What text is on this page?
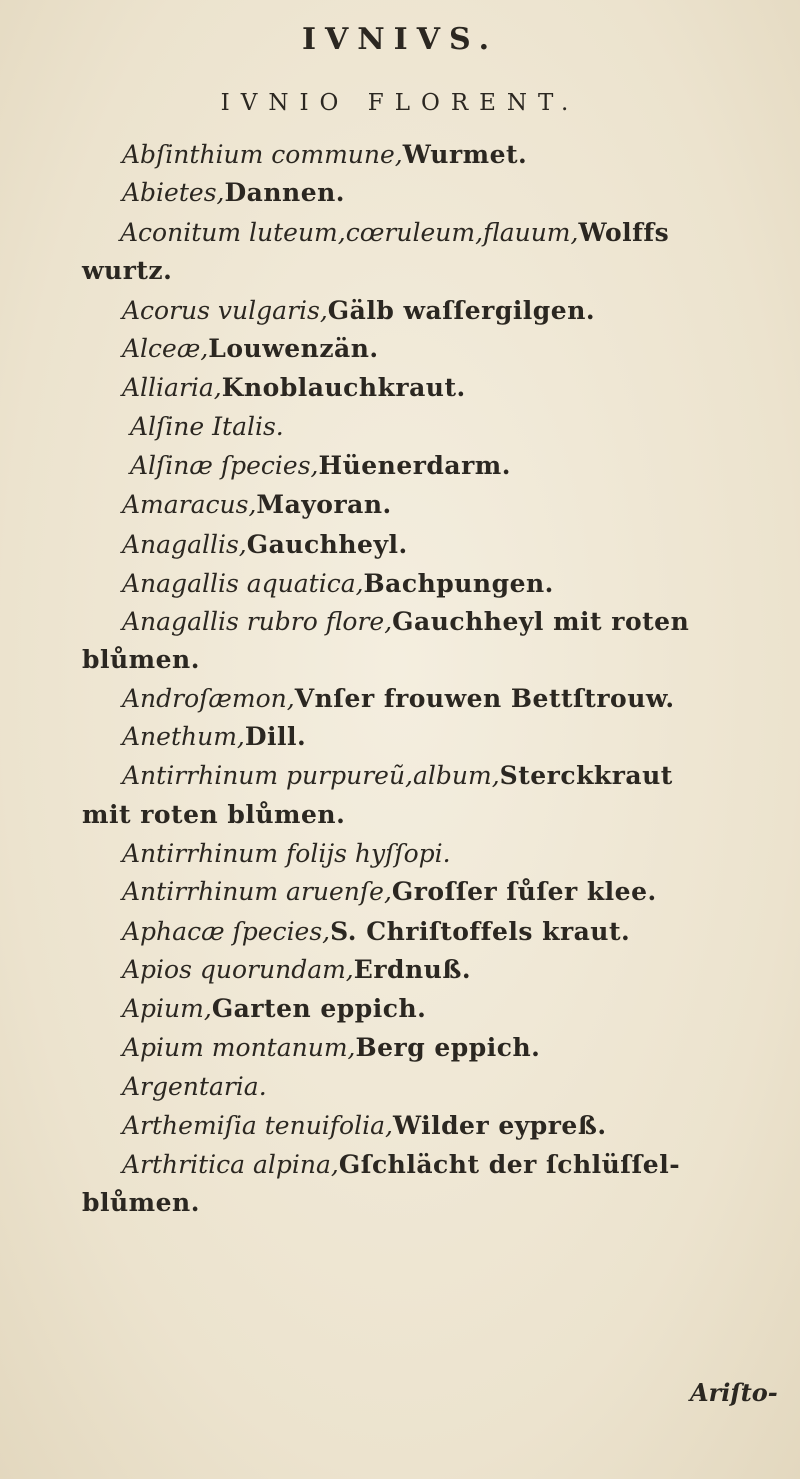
IVNIVS.
IVNIO FLORENT.
Abſinthium commune,Wurmet.
Abietes,Dannen.
Aconitum luteum,cœruleum,flauum,Wolffs
wurtz.
Acorus vulgaris,Gälb waſſergilgen.
Alceæ,Louwenzän.
Alliaria,Knoblauchkraut.
Alſine Italis.
Alſinæ ſpecies,Hüenerdarm.
Amaracus,Mayoran.
Anagallis,Gauchheyl.
Anagallis aquatica,Bachpungen.
Anagallis rubro flore,Gauchheyl mit roten
blůmen.
Androſæmon,Vnſer frouwen Bettſtrouw.
Anethum,Dill.
Antirrhinum purpureũ,album,Sterckkraut
mit roten blůmen.
Antirrhinum folijs hyſſopi.
Antirrhinum aruenſe,Groſſer ſůſer klee.
Aphacæ ſpecies,S. Chriſtoffels kraut.
Apios quorundam,Erdnuß.
Apium,Garten eppich.
Apium montanum,Berg eppich.
Argentaria.
Arthemiſia tenuifolia,Wilder eypreß.
Arthritica alpina,Gſchlächt der ſchlüſſel-
blůmen.
Ariſto-
